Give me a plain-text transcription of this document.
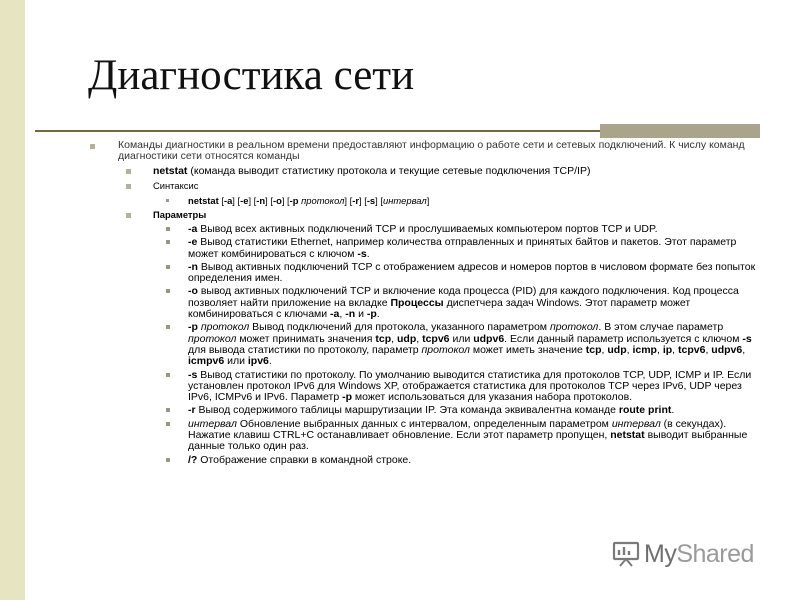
Диагностика сети
Команды диагностики в реальном времени предоставляют информацию о работе сети и сетевых подключений. К числу команд диагностики сети относятся команды
netstat (команда выводит статистику протокола и текущие сетевые подключения TCP/IP)
Синтаксис
netstat [-a] [-e] [-n] [-o] [-p протокол] [-r] [-s] [интервал]
Параметры
-a Вывод всех активных подключений TCP и прослушиваемых компьютером портов TCP и UDP.
-e Вывод статистики Ethernet, например количества отправленных и принятых байтов и пакетов. Этот параметр может комбинироваться с ключом -s.
-n Вывод активных подключений TCP с отображением адресов и номеров портов в числовом формате без попыток определения имен.
-o вывод активных подключений TCP и включение кода процесса (PID) для каждого подключения. Код процесса позволяет найти приложение на вкладке Процессы диспетчера задач Windows. Этот параметр может комбинироваться с ключами -a, -n и -p.
-p протокол Вывод подключений для протокола, указанного параметром протокол. В этом случае параметр протокол может принимать значения tcp, udp, tcpv6 или udpv6. Если данный параметр используется с ключом -s для вывода статистики по протоколу, параметр протокол может иметь значение tcp, udp, icmp, ip, tcpv6, udpv6, icmpv6 или ipv6.
-s Вывод статистики по протоколу. По умолчанию выводится статистика для протоколов TCP, UDP, ICMP и IP. Если установлен протокол IPv6 для Windows XP, отображается статистика для протоколов TCP через IPv6, UDP через IPv6, ICMPv6 и IPv6. Параметр -p может использоваться для указания набора протоколов.
-r Вывод содержимого таблицы маршрутизации IP. Эта команда эквивалентна команде route print.
интервал Обновление выбранных данных с интервалом, определенным параметром интервал (в секундах). Нажатие клавиш CTRL+C останавливает обновление. Если этот параметр пропущен, netstat выводит выбранные данные только один раз.
/? Отображение справки в командной строке.
MyShared
